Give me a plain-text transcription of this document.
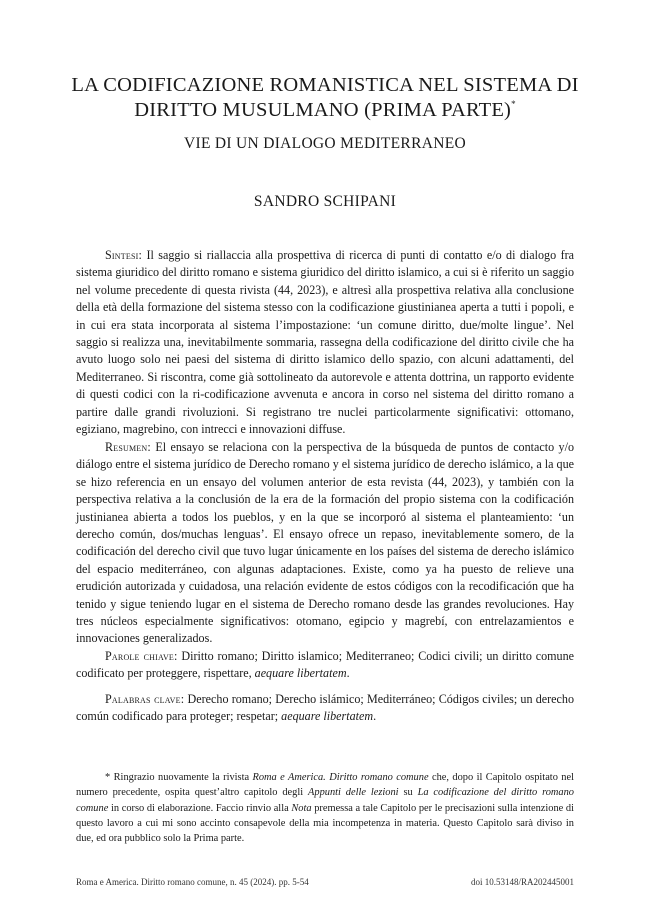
LA CODIFICAZIONE ROMANISTICA NEL SISTEMA DI
DIRITTO MUSULMANO (PRIMA PARTE)*
VIE DI UN DIALOGO MEDITERRANEO
SANDRO SCHIPANI

Sintesi: Il saggio si riallaccia alla prospettiva di ricerca di punti di contatto e/o di dialogo fra sistema giuridico del diritto romano e sistema giuridico del diritto islamico, a cui si è riferito un saggio nel volume precedente di questa rivista (44, 2023), e altresì alla prospettiva relativa alla conclusione della età della formazione del sistema stesso con la codificazione giustinianea aperta a tutti i popoli, e in cui era stata incorporata al sistema l’impostazione: ‘un comune diritto, due/molte lingue’. Nel saggio si realizza una, inevitabilmente sommaria, rassegna della codificazione del diritto civile che ha avuto luogo solo nei paesi del sistema di diritto islamico dello spazio, con alcuni adattamenti, del Mediterraneo. Si riscontra, come già sottolineato da autorevole e attenta dottrina, un rapporto evidente di questi codici con la ri-codificazione avvenuta e ancora in corso nel sistema del diritto romano a partire dalle grandi rivoluzioni. Si registrano tre nuclei particolarmente significativi: ottomano, egiziano, magrebino, con intrecci e innovazioni diffuse.

Resumen: El ensayo se relaciona con la perspectiva de la búsqueda de puntos de contacto y/o diálogo entre el sistema jurídico de Derecho romano y el sistema jurídico de derecho islámico, a la que se hizo referencia en un ensayo del volumen anterior de esta revista (44, 2023), y también con la perspectiva relativa a la conclusión de la era de la formación del propio sistema con la codificación justinianea abierta a todos los pueblos, y en la que se incorporó al sistema el planteamiento: ‘un derecho común, dos/muchas lenguas’. El ensayo ofrece un repaso, inevitablemente somero, de la codificación del derecho civil que tuvo lugar únicamente en los países del sistema de derecho islámico del espacio mediterráneo, con algunas adaptaciones. Existe, como ya ha puesto de relieve una erudición autorizada y cuidadosa, una relación evidente de estos códigos con la recodificación que ha tenido y sigue teniendo lugar en el sistema de Derecho romano desde las grandes revoluciones. Hay tres núcleos especialmente significativos: otomano, egipcio y magrebí, con entrelazamientos e innovaciones generalizados.

Parole chiave: Diritto romano; Diritto islamico; Mediterraneo; Codici civili; un diritto comune codificato per proteggere, rispettare, aequare libertatem.

Palabras clave: Derecho romano; Derecho islámico; Mediterráneo; Códigos civiles; un derecho común codificado para proteger; respetar; aequare libertatem.

* Ringrazio nuovamente la rivista Roma e America. Diritto romano comune che, dopo il Capitolo ospitato nel numero precedente, ospita quest’altro capitolo degli Appunti delle lezioni su La codificazione del diritto romano comune in corso di elaborazione. Faccio rinvio alla Nota premessa a tale Capitolo per le precisazioni sulla intenzione di questo lavoro a cui mi sono accinto consapevole della mia incompetenza in materia. Questo Capitolo sarà diviso in due, ed ora pubblico solo la Prima parte.

Roma e America. Diritto romano comune, n. 45 (2024). pp. 5-54	doi 10.53148/RA202445001
